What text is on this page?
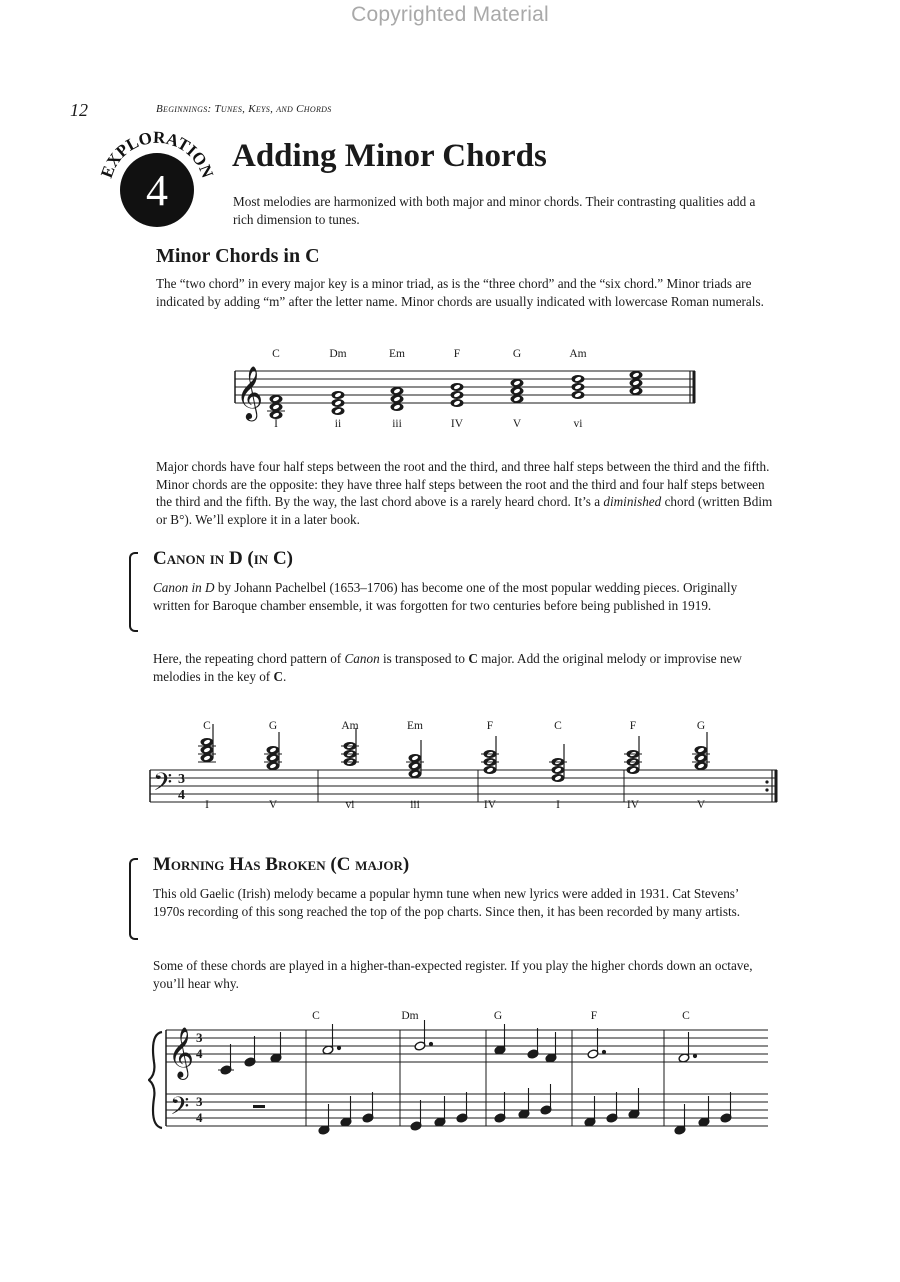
Copyrighted Material
12	Beginnings: Tunes, Keys, and Chords
EXPLORATION
4
Adding Minor Chords
Most melodies are harmonized with both major and minor chords. Their contrasting qualities add a rich dimension to tunes.
Minor Chords in C
The “two chord” in every major key is a minor triad, as is the “three chord” and the “six chord.” Minor triads are indicated by adding “m” after the letter name. Minor chords are usually indicated with lowercase Roman numerals.
𝄞
C	Dm	Em	F	G	Am
I	ii	iii	IV	V	vi
Major chords have four half steps between the root and the third, and three half steps between the third and the fifth. Minor chords are the opposite: they have three half steps between the root and the third and four half steps between the third and the fifth. By the way, the last chord above is a rarely heard chord. It’s a diminished chord (written Bdim or B°). We’ll explore it in a later book.
Canon in D (in C)
Canon in D by Johann Pachelbel (1653–1706) has become one of the most popular wedding pieces. Originally written for Baroque chamber ensemble, it was forgotten for two centuries before being published in 1919.
Here, the repeating chord pattern of Canon is transposed to C major. Add the original melody or improvise new melodies in the key of C.
𝄢 3
4
C	G	Am	Em	F	C	F	G
I	V	vi	iii	IV	I	IV	V
Morning Has Broken (C major)
This old Gaelic (Irish) melody became a popular hymn tune when new lyrics were added in 1931. Cat Stevens’ 1970s recording of this song reached the top of the pop charts. Since then, it has been recorded by many artists.
Some of these chords are played in a higher-than-expected register. If you play the higher chords down an octave, you’ll hear why.
𝄞
𝄢
3
4
3
4
C	Dm	G	F	C
